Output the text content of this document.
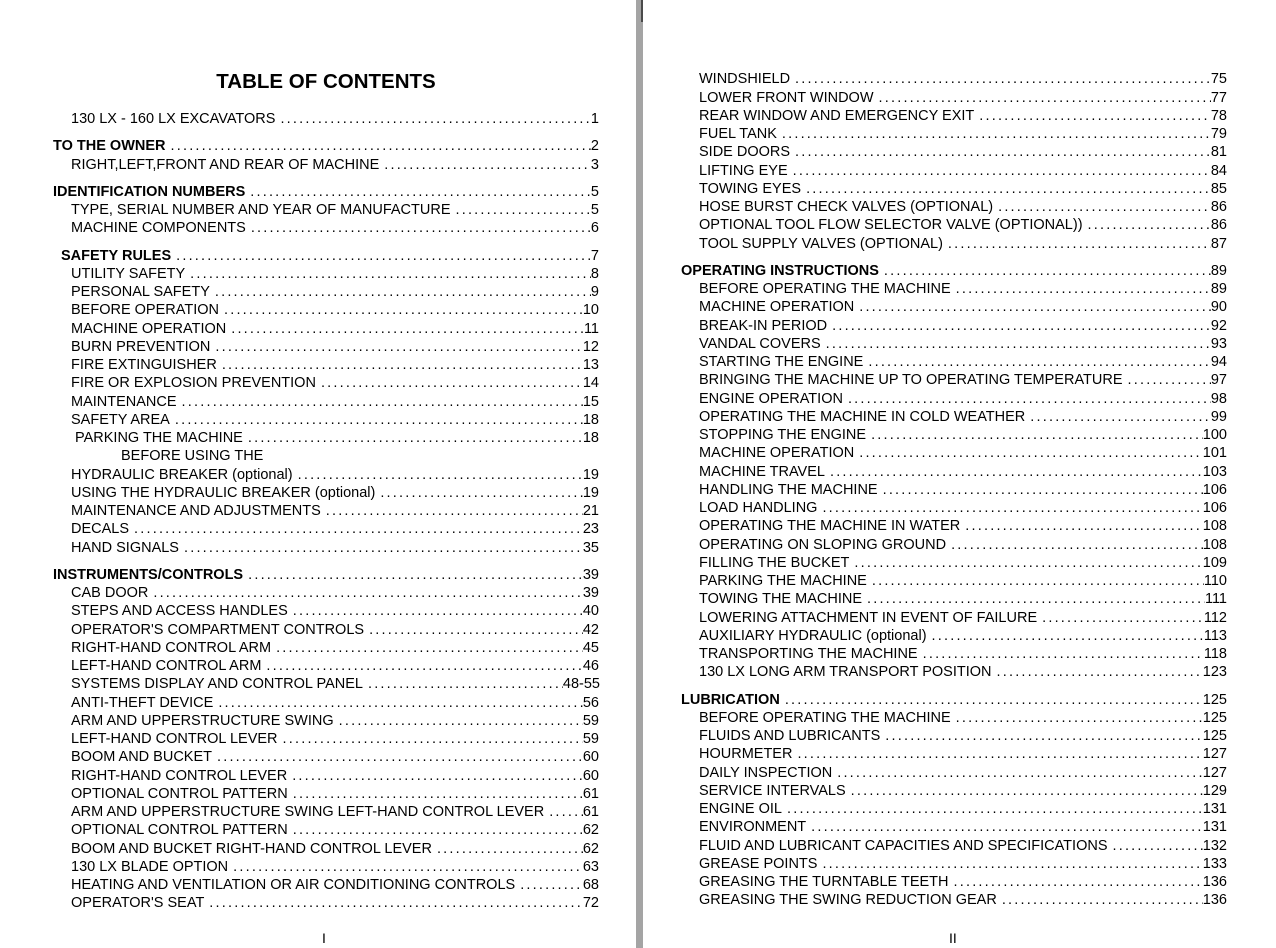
TABLE OF CONTENTS
130 LX - 160 LX EXCAVATORS .....	1
TO THE OWNER .....	2
RIGHT,LEFT,FRONT AND REAR OF MACHINE .....	3
IDENTIFICATION NUMBERS .....	5
TYPE, SERIAL NUMBER AND YEAR OF MANUFACTURE .....	5
MACHINE COMPONENTS .....	6
SAFETY RULES .....	7
UTILITY SAFETY .....	8
PERSONAL SAFETY .....	9
BEFORE OPERATION .....	10
MACHINE OPERATION .....	11
BURN PREVENTION .....	12
FIRE EXTINGUISHER .....	13
FIRE OR EXPLOSION PREVENTION .....	14
MAINTENANCE .....	15
SAFETY AREA .....	18
PARKING THE MACHINE .....	18
BEFORE USING THE
HYDRAULIC BREAKER (optional) .....	19
USING THE HYDRAULIC BREAKER (optional) .....	19
MAINTENANCE AND ADJUSTMENTS .....	21
DECALS .....	23
HAND SIGNALS .....	35
INSTRUMENTS/CONTROLS .....	39
CAB DOOR .....	39
STEPS AND ACCESS HANDLES .....	40
OPERATOR'S COMPARTMENT CONTROLS .....	42
RIGHT-HAND CONTROL ARM .....	45
LEFT-HAND CONTROL ARM .....	46
SYSTEMS DISPLAY AND CONTROL PANEL .....	48-55
ANTI-THEFT DEVICE .....	56
ARM AND UPPERSTRUCTURE SWING .....	59
LEFT-HAND CONTROL LEVER .....	59
BOOM AND BUCKET .....	60
RIGHT-HAND CONTROL LEVER .....	60
OPTIONAL CONTROL PATTERN .....	61
ARM AND UPPERSTRUCTURE SWING LEFT-HAND CONTROL LEVER .....	61
OPTIONAL CONTROL PATTERN .....	62
BOOM AND BUCKET RIGHT-HAND CONTROL LEVER .....	62
130 LX BLADE OPTION .....	63
HEATING AND VENTILATION OR AIR CONDITIONING CONTROLS .....	68
OPERATOR'S SEAT .....	72
I
WINDSHIELD .....	75
LOWER FRONT WINDOW .....	77
REAR WINDOW AND EMERGENCY EXIT .....	78
FUEL TANK .....	79
SIDE DOORS .....	81
LIFTING EYE .....	84
TOWING EYES .....	85
HOSE BURST CHECK VALVES (OPTIONAL) .....	86
OPTIONAL TOOL FLOW SELECTOR VALVE (OPTIONAL)) .....	86
TOOL SUPPLY VALVES (OPTIONAL) .....	87
OPERATING INSTRUCTIONS .....	89
BEFORE OPERATING THE MACHINE .....	89
MACHINE OPERATION .....	90
BREAK-IN PERIOD .....	92
VANDAL COVERS .....	93
STARTING THE ENGINE .....	94
BRINGING THE MACHINE UP TO OPERATING TEMPERATURE .....	97
ENGINE OPERATION .....	98
OPERATING THE MACHINE IN COLD WEATHER .....	99
STOPPING THE ENGINE .....	100
MACHINE OPERATION .....	101
MACHINE TRAVEL .....	103
HANDLING THE MACHINE .....	106
LOAD HANDLING .....	106
OPERATING THE MACHINE IN WATER .....	108
OPERATING ON SLOPING GROUND .....	108
FILLING THE BUCKET .....	109
PARKING THE MACHINE .....	110
TOWING THE MACHINE .....	111
LOWERING ATTACHMENT IN EVENT OF FAILURE .....	112
AUXILIARY HYDRAULIC (optional) .....	113
TRANSPORTING THE MACHINE .....	118
130 LX LONG ARM TRANSPORT POSITION .....	123
LUBRICATION .....	125
BEFORE OPERATING THE MACHINE .....	125
FLUIDS AND LUBRICANTS .....	125
HOURMETER .....	127
DAILY INSPECTION .....	127
SERVICE INTERVALS .....	129
ENGINE OIL .....	131
ENVIRONMENT .....	131
FLUID AND LUBRICANT CAPACITIES AND SPECIFICATIONS .....	132
GREASE POINTS .....	133
GREASING THE TURNTABLE TEETH .....	136
GREASING THE SWING REDUCTION GEAR .....	136
II
